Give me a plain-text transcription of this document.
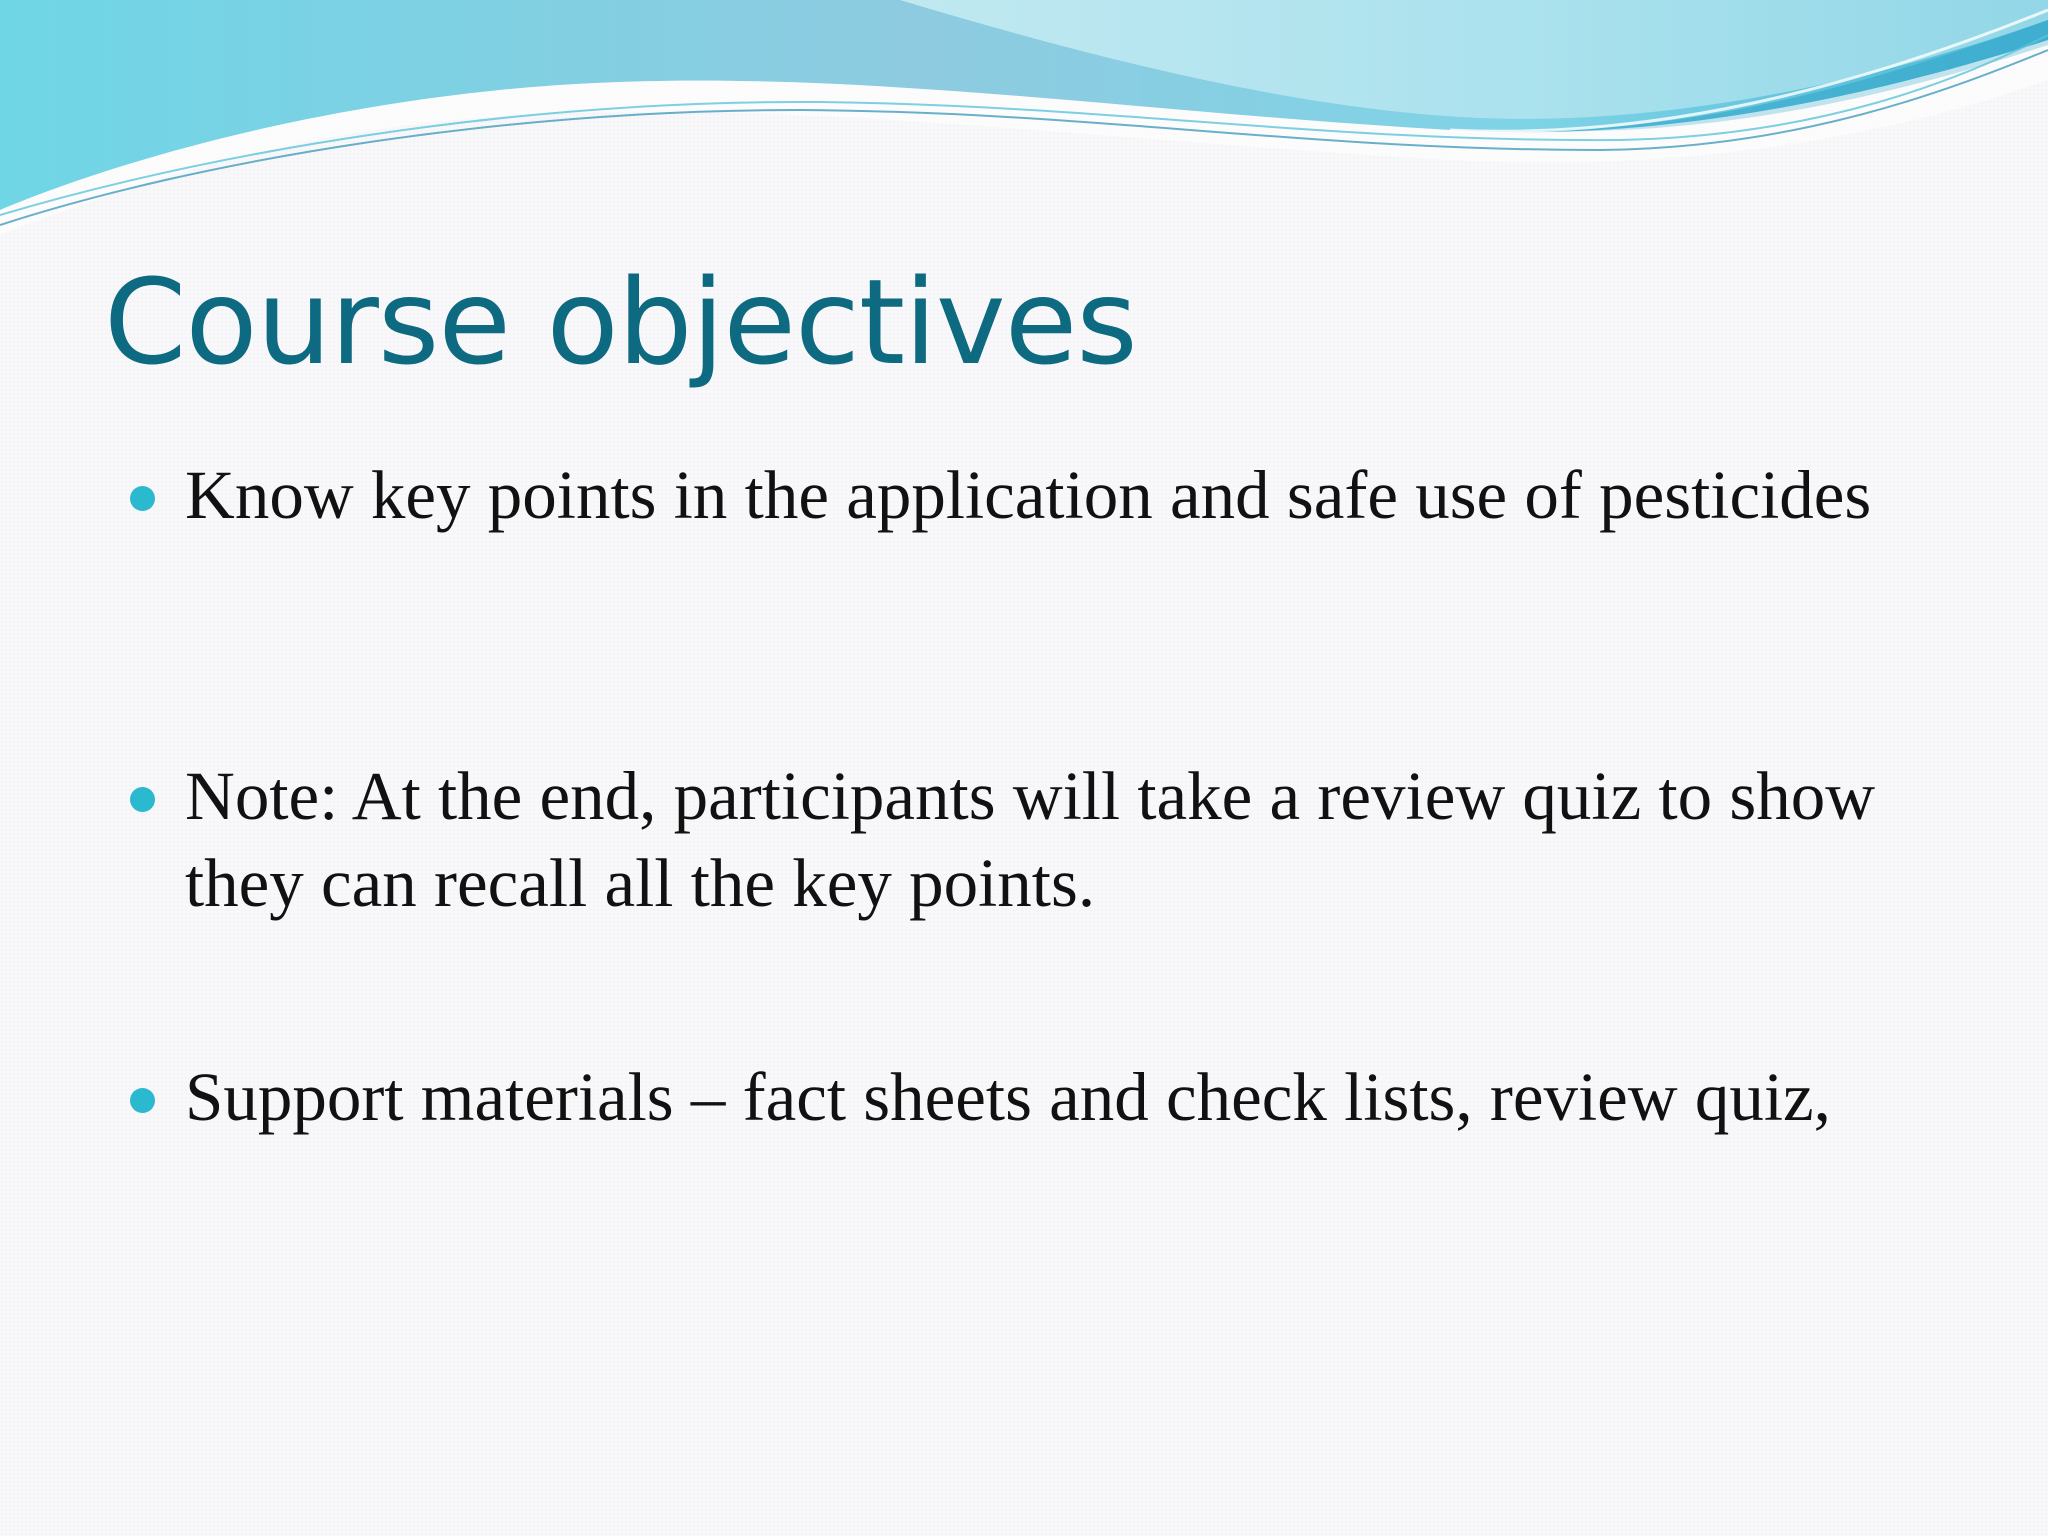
Course objectives
Know key points in the application and safe use of pesticides
Note: At the end, participants will take a review quiz to show they can recall all the key points.
Support materials – fact sheets and check lists, review quiz,
